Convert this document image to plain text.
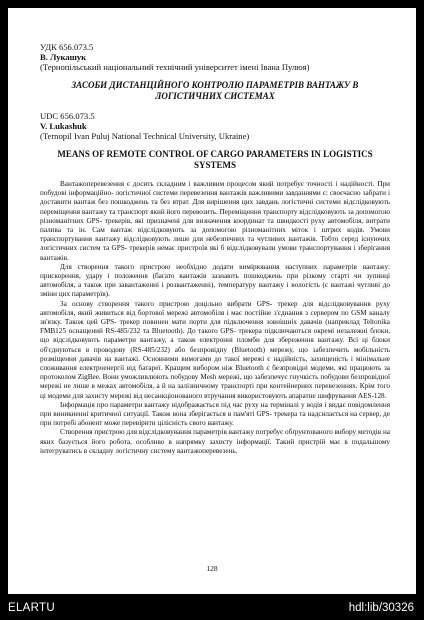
УДК 656.073.5
В. Лукашук
(Тернопільський національний технічний університет імені Івана Пулюя)
ЗАСОБИ ДИСТАНЦІЙНОГО КОНТРОЛЮ ПАРАМЕТРІВ ВАНТАЖУ В ЛОГІСТИЧНИХ СИСТЕМАХ
UDC 656.073.5
V. Lukashuk
(Ternopil Ivan Puluj National Technical University, Ukraine)
MEANS OF REMOTE CONTROL OF CARGO PARAMETERS IN LOGISTICS SYSTEMS

Вантажоперевезення є досить складним і важливим процесом який потребує точності і надійності. При побудові інформаційно- логістичної системи перевезення вантажів важливими завданнями є: своєчасно забрати і доставити вантаж без пошкоджень та без втрат. Для вирішення цих завдань логістичні системи відслідковують переміщення вантажу та транспорт який його перевозить. Переміщення транспорту відслідковують за допомогою різноманітних GPS- трекерів, які призначені для визначення координат та швидкості руху автомобіля, витрати палива та ін. Сам вантаж відслідковують за допомогою різноманітних міток і штрих кодів. Умови транспортування вантажу відслідковують лише для небезпечних та чутливих вантажів. Тобто серед існуючих логістичних систем та GPS- трекерів немає пристроїв які б відслідковували умови транспортування і зберігання вантажів.

Для створення такого пристрою необхідно додати вимірювання наступних параметрів вантажу: прискорення, удару і положення (багато вантажів зазнають пошкоджень при різкому старті чи зупинці автомобіля, а також при завантаженні і розвантаженні), температуру вантажу і вологість (є вантажі чутливі до зміни цих параметрів).

За основу створення такого пристрою доцільно вибрати GPS- трекер для відслідковування руху автомобіля, який живиться від бортової мережі автомобіля і має постійне з'єднання з сервером по GSM каналу зв'язку. Також цей GPS- трекер повинен мати порти для підключення зовнішніх давачів (наприклад Teltonika FMB125 оснащений RS-485/232 та Bluetooth). До такого GPS- трекера підключаються окремі незалежні блоки, що відслідковують параметри вантажу, а також електронні пломби для збереження вантажу. Всі ці блоки об'єднуються в проводову (RS-485/232) або безпровідну (Bluetooth) мережу, що забезпечить мобільність розміщення давачів на вантажі. Основними вимогами до такої мережі є надійність, захищеність і мінімальне споживання електроенергії від батареї. Кращим вибором ніж Bluetooth є безпровідні модеми, які працюють за протоколом ZigBee. Вони уможливлюють побудову Mesh мережі, що забезпечує гнучкість побудови безпровідної мережі не лише в межах автомобіля, а й на залізничному транспорті при контейнерних перевезеннях. Крім того ці модеми для захисту мережі від несанкціонованого втручання використовують апаратне шифрування AES-128.

Інформація про параметри вантажу відображається під час руху на терміналі у водія і видає повідомлення при виникненні критичної ситуації. Також вона зберігається в пам'яті GPS- трекера та надсилається на сервер, де при потребі абонент може перевірити цілісність свого вантажу.

Створення пристрою для відслідковування параметрів вантажу потребує обґрунтованого вибору методів на яких базується його робота, особливо в напрямку захисту інформації. Такий пристрій має в подальшому інтегруватись в складну логістичну систему вантажоперевезень.

128
ELARTU	hdl:lib/30326
